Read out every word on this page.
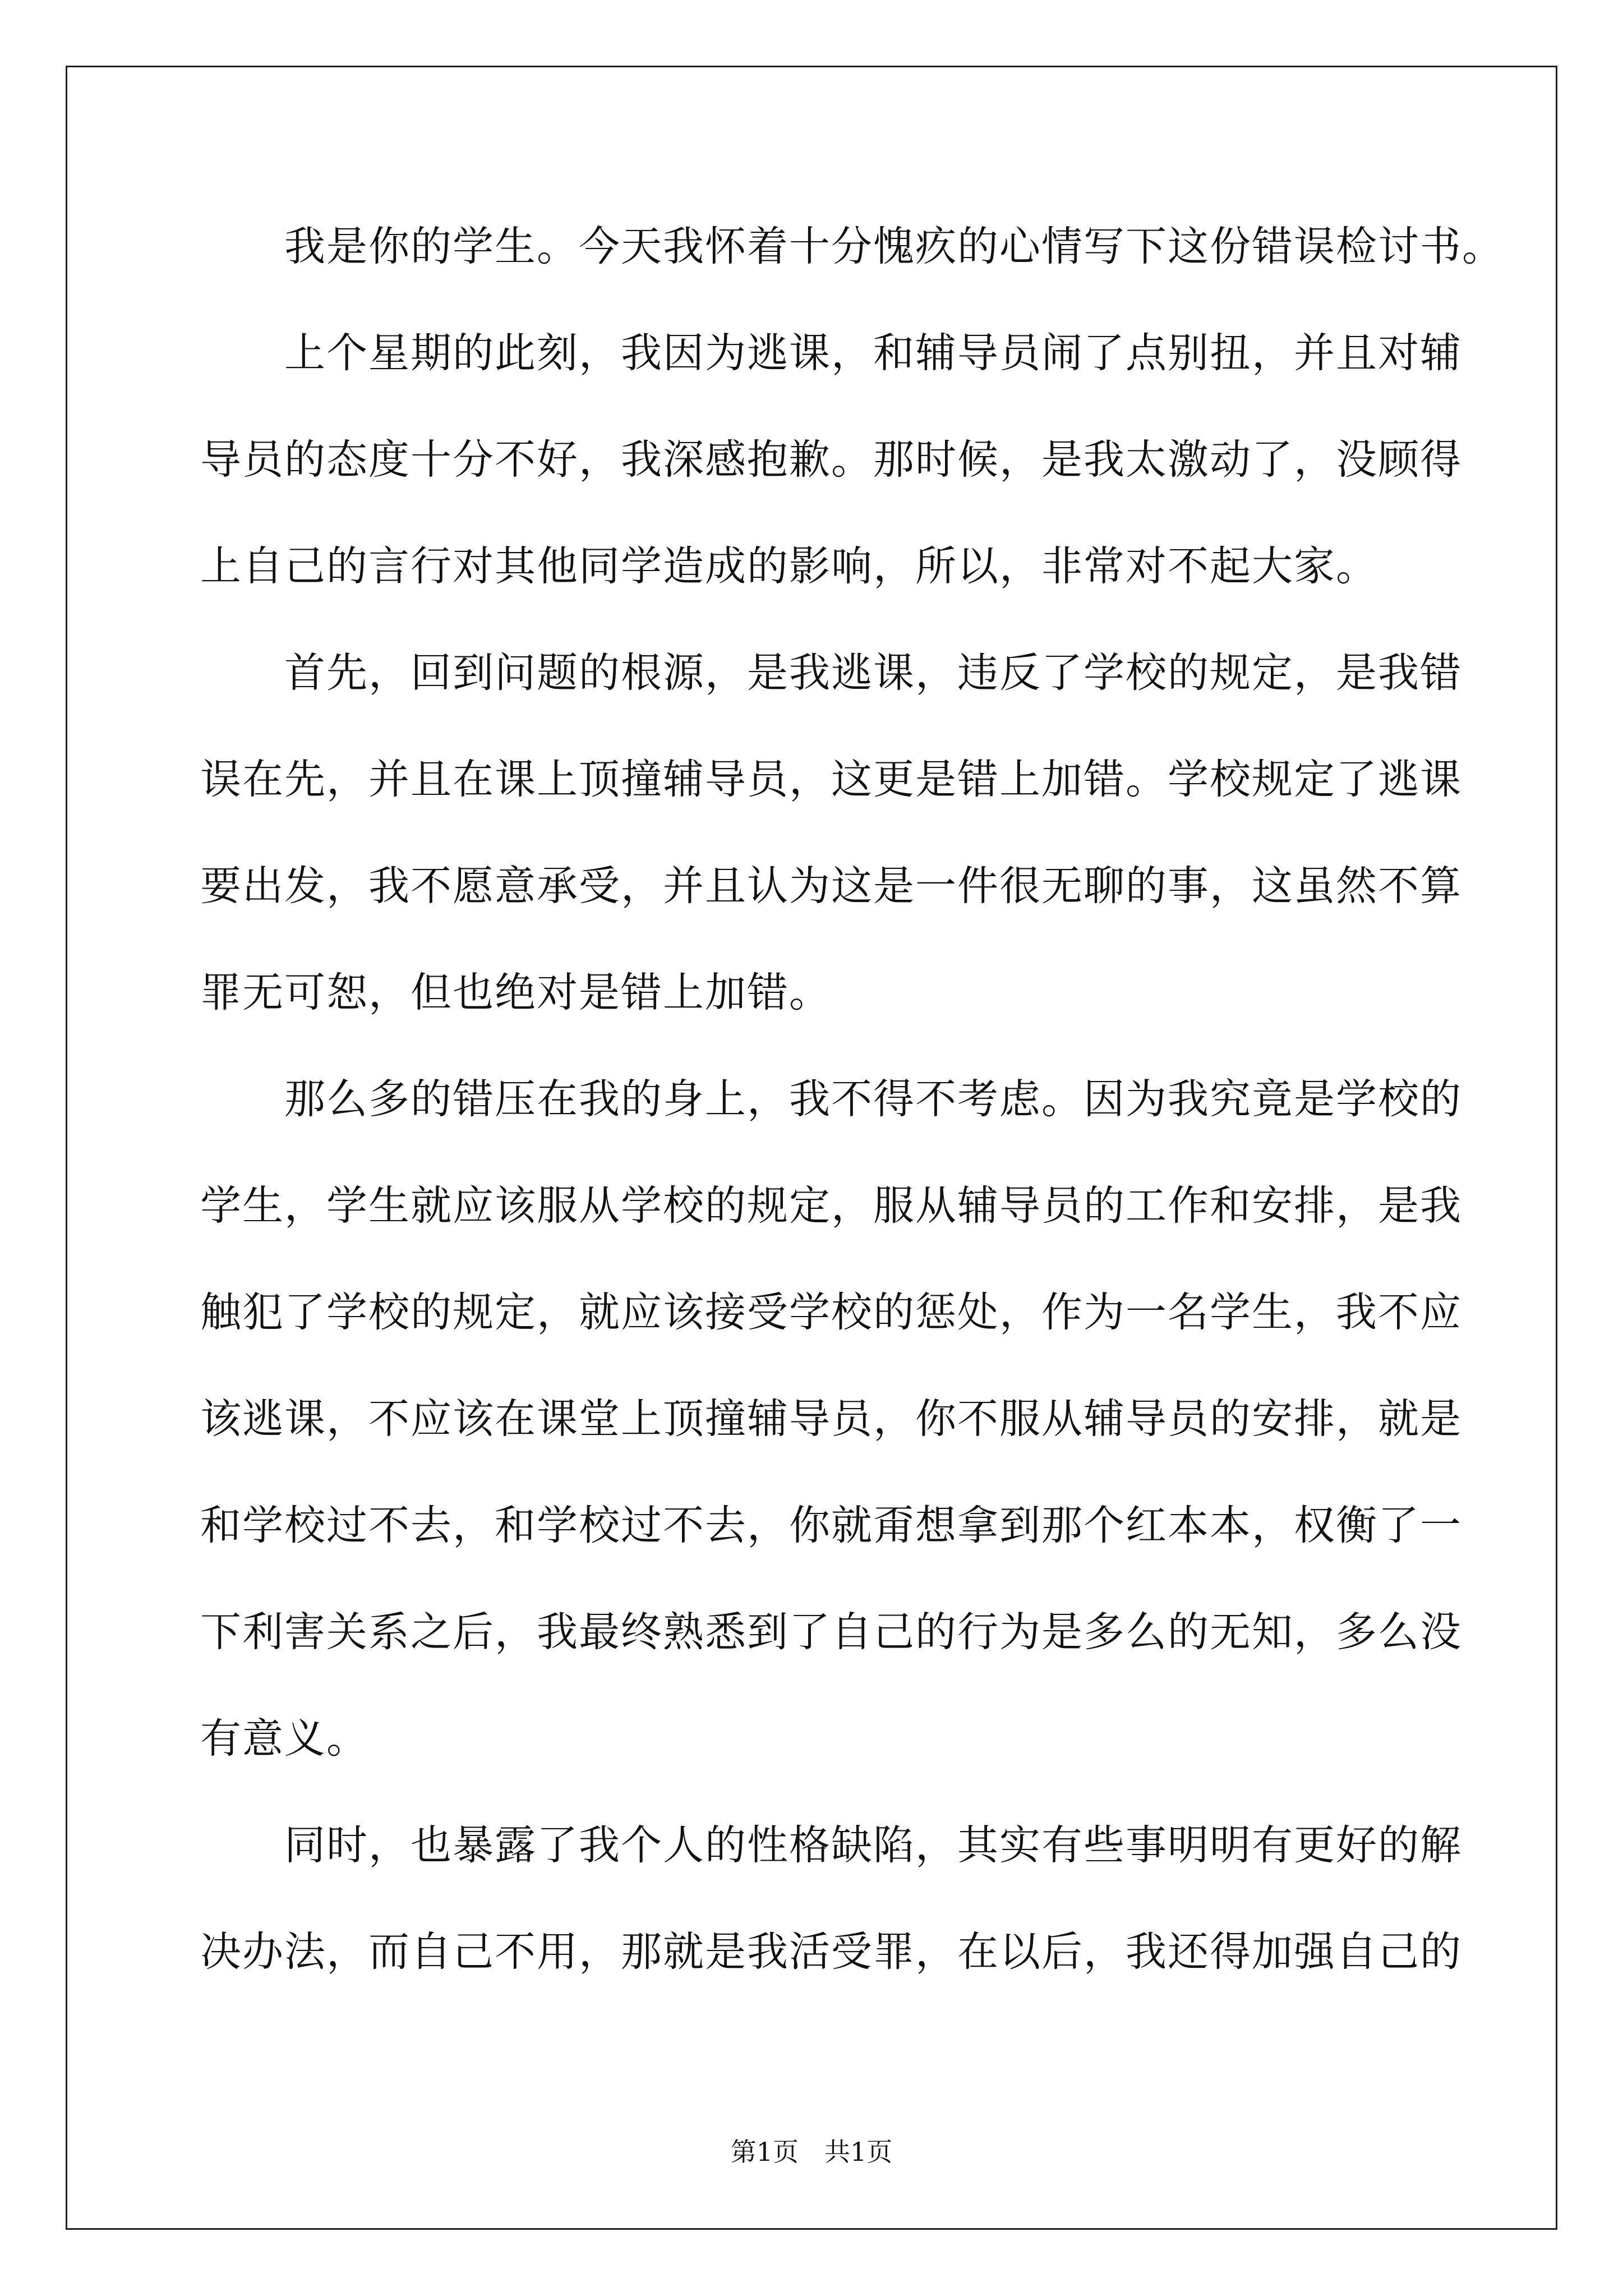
　　我是你的学生。今天我怀着十分愧疚的心情写下这份错误检讨书。
　　上个星期的此刻，我因为逃课，和辅导员闹了点别扭，并且对辅
导员的态度十分不好，我深感抱歉。那时候，是我太激动了，没顾得
上自己的言行对其他同学造成的影响，所以，非常对不起大家。
　　首先，回到问题的根源，是我逃课，违反了学校的规定，是我错
误在先，并且在课上顶撞辅导员，这更是错上加错。学校规定了逃课
要出发，我不愿意承受，并且认为这是一件很无聊的事，这虽然不算
罪无可恕，但也绝对是错上加错。
　　那么多的错压在我的身上，我不得不考虑。因为我究竟是学校的
学生，学生就应该服从学校的规定，服从辅导员的工作和安排，是我
触犯了学校的规定，就应该接受学校的惩处，作为一名学生，我不应
该逃课，不应该在课堂上顶撞辅导员，你不服从辅导员的安排，就是
和学校过不去，和学校过不去，你就甭想拿到那个红本本，权衡了一
下利害关系之后，我最终熟悉到了自己的行为是多么的无知，多么没
有意义。
　　同时，也暴露了我个人的性格缺陷，其实有些事明明有更好的解
决办法，而自己不用，那就是我活受罪，在以后，我还得加强自己的
第1页　共1页
